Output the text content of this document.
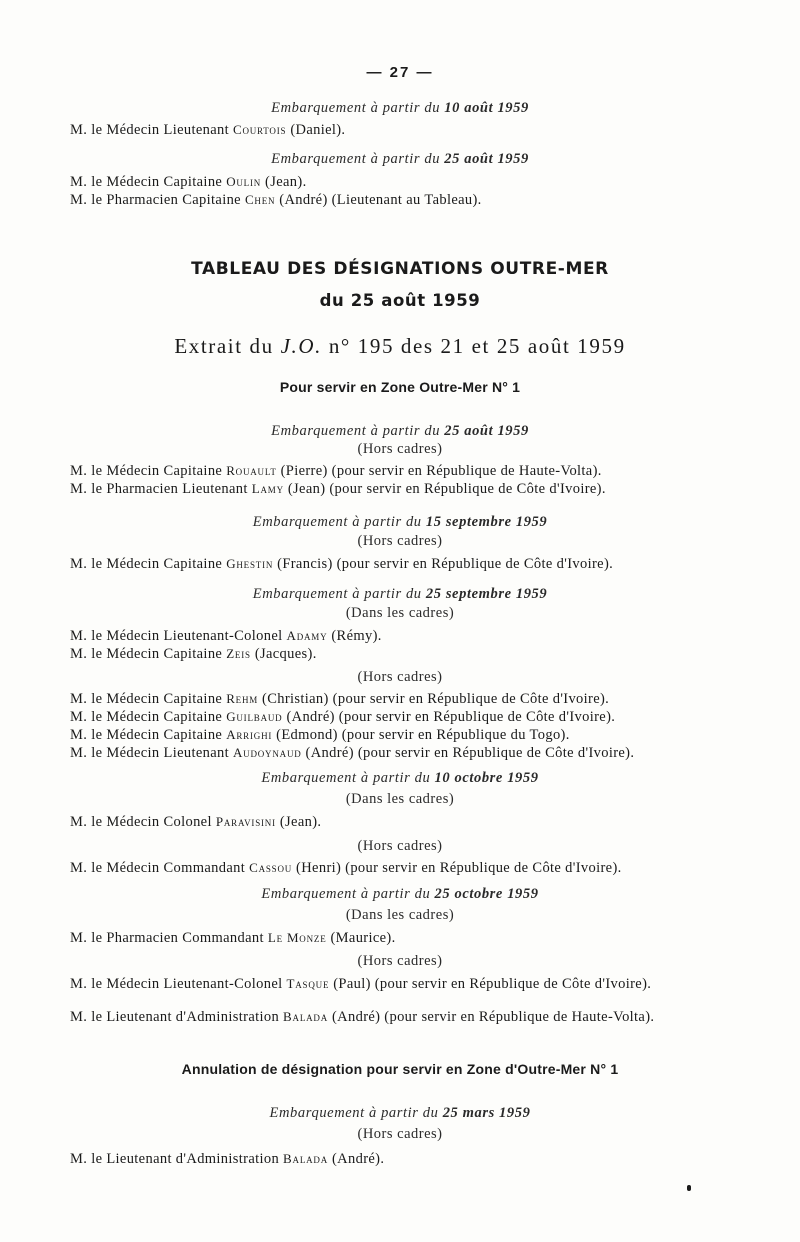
— 27 —
Embarquement à partir du 10 août 1959
M. le Médecin Lieutenant Courtois (Daniel).
Embarquement à partir du 25 août 1959
M. le Médecin Capitaine Oulin (Jean).
M. le Pharmacien Capitaine Chen (André) (Lieutenant au Tableau).
TABLEAU DES DÉSIGNATIONS OUTRE-MER
du 25 août 1959
Extrait du J.O. n° 195 des 21 et 25 août 1959
Pour servir en Zone Outre-Mer N° 1
Embarquement à partir du 25 août 1959
(Hors cadres)
M. le Médecin Capitaine Rouault (Pierre) (pour servir en République de Haute-Volta).
M. le Pharmacien Lieutenant Lamy (Jean) (pour servir en République de Côte d'Ivoire).
Embarquement à partir du 15 septembre 1959
(Hors cadres)
M. le Médecin Capitaine Ghestin (Francis) (pour servir en République de Côte d'Ivoire).
Embarquement à partir du 25 septembre 1959
(Dans les cadres)
M. le Médecin Lieutenant-Colonel Adamy (Rémy).
M. le Médecin Capitaine Zeis (Jacques).
(Hors cadres)
M. le Médecin Capitaine Rehm (Christian) (pour servir en République de Côte d'Ivoire).
M. le Médecin Capitaine Guilbaud (André) (pour servir en République de Côte d'Ivoire).
M. le Médecin Capitaine Arrighi (Edmond) (pour servir en République du Togo).
M. le Médecin Lieutenant Audoynaud (André) (pour servir en République de Côte d'Ivoire).
Embarquement à partir du 10 octobre 1959
(Dans les cadres)
M. le Médecin Colonel Paravisini (Jean).
(Hors cadres)
M. le Médecin Commandant Cassou (Henri) (pour servir en République de Côte d'Ivoire).
Embarquement à partir du 25 octobre 1959
(Dans les cadres)
M. le Pharmacien Commandant Le Monze (Maurice).
(Hors cadres)
M. le Médecin Lieutenant-Colonel Tasque (Paul) (pour servir en République de Côte d'Ivoire).
M. le Lieutenant d'Administration Balada (André) (pour servir en République de Haute-Volta).
Annulation de désignation pour servir en Zone d'Outre-Mer N° 1
Embarquement à partir du 25 mars 1959
(Hors cadres)
M. le Lieutenant d'Administration Balada (André).
